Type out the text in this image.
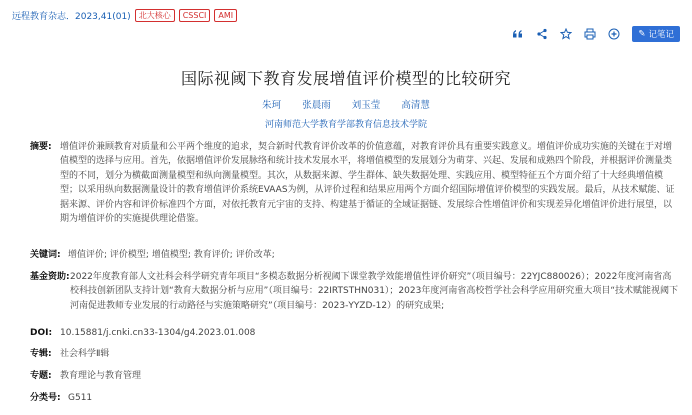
远程教育杂志．2023,41(01)	北大核心	CSSCI	AMI
✎ 记笔记
国际视阈下教育发展增值评价模型的比较研究
朱珂 张晨雨 刘玉莹 高清慧
河南师范大学教育学部教育信息技术学院
摘要: 增值评价兼顾教育对质量和公平两个维度的追求，契合新时代教育评价改革的价值意蕴，对教育评价具有重要实践意义。增值评价成功实施的关键在于对增值模型的选择与应用。首先，依据增值评价发展脉络和统计技术发展水平，将增值模型的发展划分为萌芽、兴起、发展和成熟四个阶段，并根据评价测量类型的不同，划分为横截面测量模型和纵向测量模型。其次，从数据来源、学生群体、缺失数据处理、实践应用、模型特征五个方面介绍了十大经典增值模型；以采用纵向数据测量设计的教育增值评价系统EVAAS为例，从评价过程和结果应用两个方面介绍国际增值评价模型的实践发展。最后，从技术赋能、证据来源、评价内容和评价标准四个方面，对依托教育元宇宙的支持、构建基于循证的全域证据链、发展综合性增值评价和实现差异化增值评价进行展望，以期为增值评价的实施提供理论借鉴。
关键词: 增值评价; 评价模型; 增值模型; 教育评价; 评价改革;
基金资助: 2022年度教育部人文社科会科学研究青年项目“多模态数据分析视阈下课堂教学效能增值性评价研究”（项目编号：22YJC880026）；2022年度河南省高校科技创新团队支持计划“教育大数据分析与应用”（项目编号：22IRTSTHN031）；2023年度河南省高校哲学社会科学应用研究重大项目“技术赋能视阈下河南促进教师专业发展的行动路径与实施策略研究”（项目编号：2023-YYZD-12）的研究成果;
DOI: 10.15881/j.cnki.cn33-1304/g4.2023.01.008
专辑: 社会科学Ⅱ辑
专题: 教育理论与教育管理
分类号: G511
